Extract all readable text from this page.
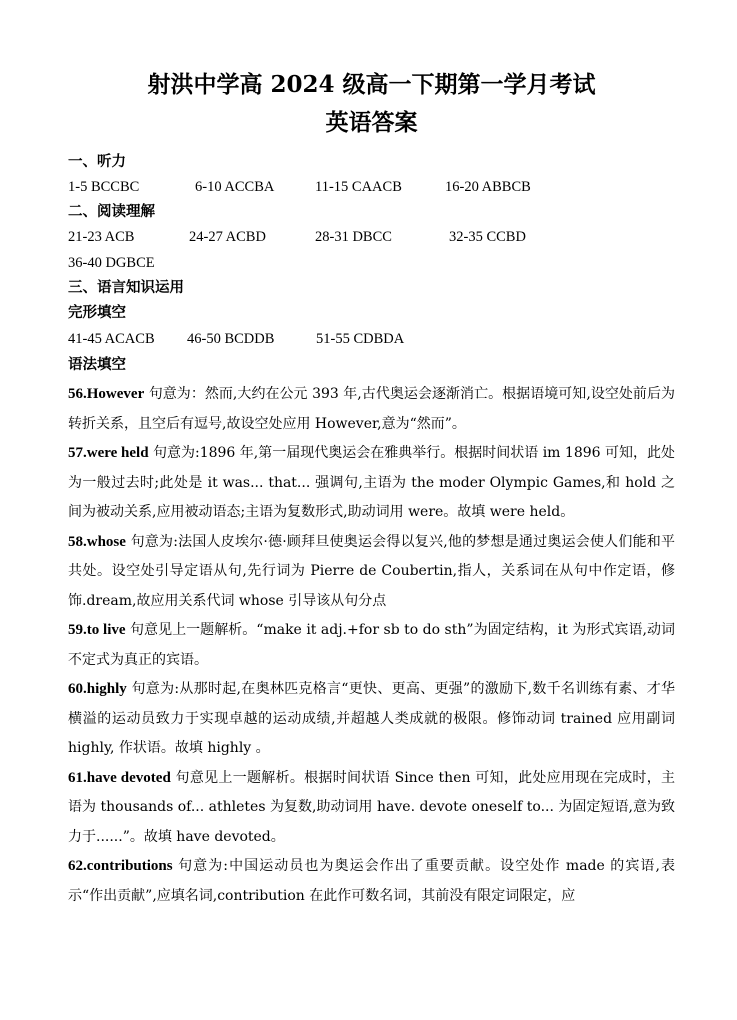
射洪中学高 2024 级高一下期第一学月考试
英语答案

一、听力

1-5 BCCBC	6-10 ACCBA	11-15 CAACB	16-20 ABBCB

二、阅读理解

21-23 ACB	24-27 ACBD	28-31 DBCC	32-35 CCBD

36-40 DGBCE

三、语言知识运用

完形填空

41-45 ACACB	46-50 BCDDB	51-55 CDBDA

语法填空

56.However 句意为：然而,大约在公元 393 年,古代奥运会逐渐消亡。根据语境可知,设空处前后为转折关系，且空后有逗号,故设空处应用 However,意为“然而”。

57.were held 句意为:1896 年,第一届现代奥运会在雅典举行。根据时间状语 im 1896 可知，此处为一般过去时;此处是 it was... that... 强调句,主语为 the moder Olympic Games,和 hold 之间为被动关系,应用被动语态;主语为复数形式,助动词用 were。故填 were held。

58.whose 句意为:法国人皮埃尔·德·顾拜旦使奥运会得以复兴,他的梦想是通过奥运会使人们能和平共处。设空处引导定语从句,先行词为 Pierre de Coubertin,指人，关系词在从句中作定语，修饰.dream,故应用关系代词 whose 引导该从句分点

59.to live 句意见上一题解析。“make it adj.+for sb to do sth”为固定结构，it 为形式宾语,动词不定式为真正的宾语。

60.highly 句意为:从那时起,在奥林匹克格言“更快、更高、更强”的激励下,数千名训练有素、才华横溢的运动员致力于实现卓越的运动成绩,并超越人类成就的极限。修饰动词 trained 应用副词 highly, 作状语。故填 highly 。

61.have devoted 句意见上一题解析。根据时间状语 Since then 可知，此处应用现在完成时，主语为 thousands of... athletes 为复数,助动词用 have. devote oneself to... 为固定短语,意为致力于......”。故填 have devoted。

62.contributions 句意为:中国运动员也为奥运会作出了重要贡献。设空处作 made 的宾语,表示“作出贡献”,应填名词,contribution 在此作可数名词，其前没有限定词限定，应
